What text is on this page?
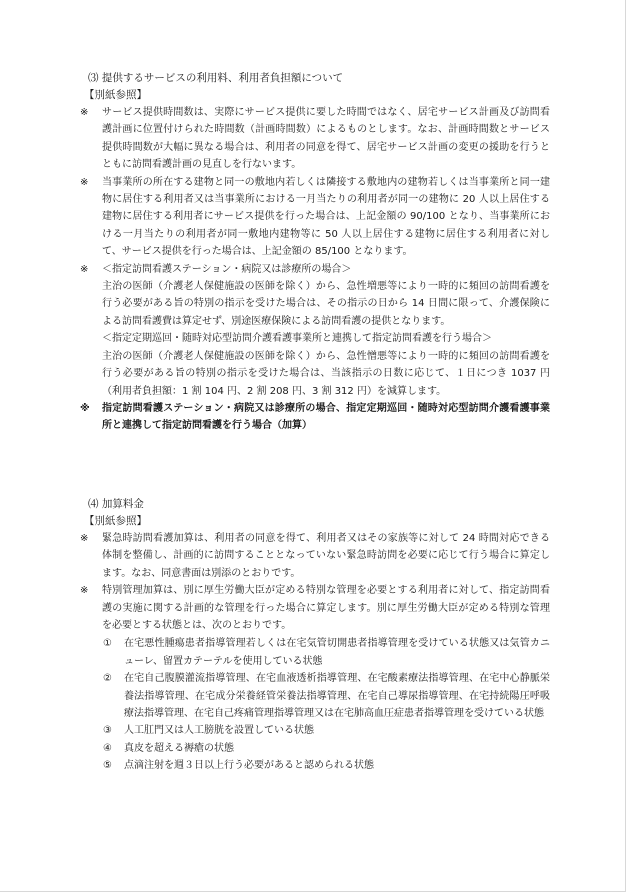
⑶ 提供するサービスの利用料、利用者負担額について
【別紙参照】
※ サービス提供時間数は、実際にサービス提供に要した時間ではなく、居宅サービス計画及び訪問看護計画に位置付けられた時間数（計画時間数）によるものとします。なお、計画時間数とサービス提供時間数が大幅に異なる場合は、利用者の同意を得て、居宅サービス計画の変更の援助を行うとともに訪問看護計画の見直しを行ないます。

※ 当事業所の所在する建物と同一の敷地内若しくは隣接する敷地内の建物若しくは当事業所と同一建物に居住する利用者又は当事業所における一月当たりの利用者が同一の建物に 20 人以上居住する建物に居住する利用者にサービス提供を行った場合は、上記金額の 90/100 となり、当事業所における一月当たりの利用者が同一敷地内建物等に 50 人以上居住する建物に居住する利用者に対して、サービス提供を行った場合は、上記金額の 85/100 となります。

※ ＜指定訪問看護ステーション・病院又は診療所の場合＞

主治の医師（介護老人保健施設の医師を除く）から、急性増悪等により一時的に頻回の訪問看護を行う必要がある旨の特別の指示を受けた場合は、その指示の日から 14 日間に限って、介護保険による訪問看護費は算定せず、別途医療保険による訪問看護の提供となります。

＜指定定期巡回・随時対応型訪問介護看護事業所と連携して指定訪問看護を行う場合＞

主治の医師（介護老人保健施設の医師を除く）から、急性憎悪等により一時的に頻回の訪問看護を行う必要がある旨の特別の指示を受けた場合は、当該指示の日数に応じて、１日につき 1037 円（利用者負担額：1 割 104 円、2 割 208 円、3 割 312 円）を減算します。

※ 指定訪問看護ステーション・病院又は診療所の場合、指定定期巡回・随時対応型訪問介護看護事業所と連携して指定訪問看護を行う場合（加算）

⑷ 加算料金
【別紙参照】
※ 緊急時訪問看護加算は、利用者の同意を得て、利用者又はその家族等に対して 24 時間対応できる体制を整備し、計画的に訪問することとなっていない緊急時訪問を必要に応じて行う場合に算定します。なお、同意書面は別添のとおりです。

※ 特別管理加算は、別に厚生労働大臣が定める特別な管理を必要とする利用者に対して、指定訪問看護の実施に関する計画的な管理を行った場合に算定します。別に厚生労働大臣が定める特別な管理を必要とする状態とは、次のとおりです。

① 在宅悪性腫瘍患者指導管理若しくは在宅気管切開患者指導管理を受けている状態又は気管カニューレ、留置カテーテルを使用している状態
② 在宅自己腹膜灌流指導管理、在宅血液透析指導管理、在宅酸素療法指導管理、在宅中心静脈栄養法指導管理、在宅成分栄養経管栄養法指導管理、在宅自己導尿指導管理、在宅持続陽圧呼吸療法指導管理、在宅自己疼痛管理指導管理又は在宅肺高血圧症患者指導管理を受けている状態
③ 人工肛門又は人工膀胱を設置している状態
④ 真皮を超える褥瘡の状態
⑤ 点滴注射を週３日以上行う必要があると認められる状態
